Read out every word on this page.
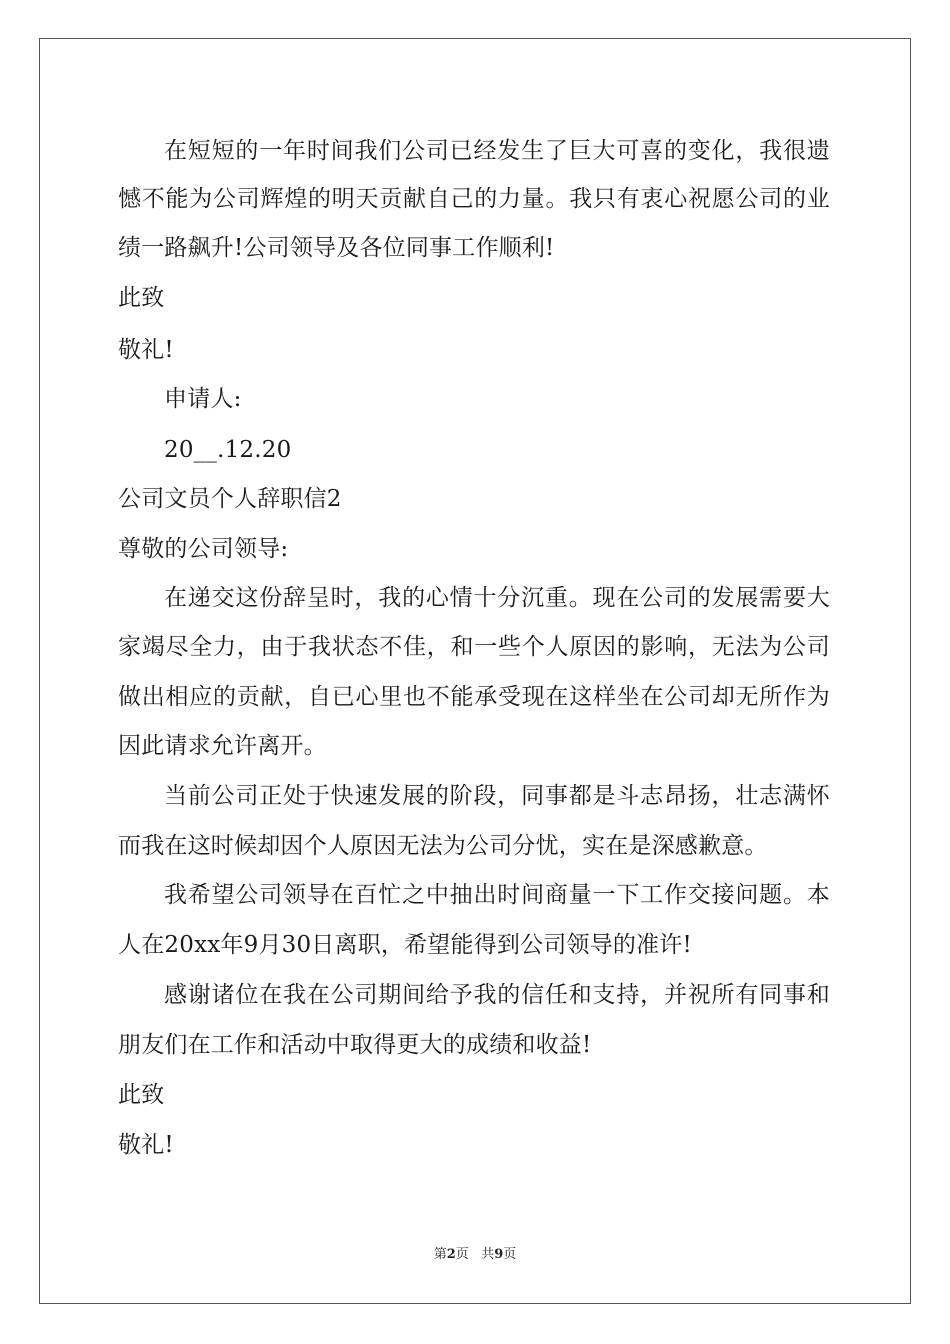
在短短的一年时间我们公司已经发生了巨大可喜的变化，我很遗
憾不能为公司辉煌的明天贡献自己的力量。我只有衷心祝愿公司的业
绩一路飙升!公司领导及各位同事工作顺利!
此致
敬礼!
申请人:
20__.12.20
公司文员个人辞职信2
尊敬的公司领导:
在递交这份辞呈时，我的心情十分沉重。现在公司的发展需要大
家竭尽全力，由于我状态不佳，和一些个人原因的影响，无法为公司
做出相应的贡献，自已心里也不能承受现在这样坐在公司却无所作为
因此请求允许离开。
当前公司正处于快速发展的阶段，同事都是斗志昂扬，壮志满怀
而我在这时候却因个人原因无法为公司分忧，实在是深感歉意。
我希望公司领导在百忙之中抽出时间商量一下工作交接问题。本
人在20xx年9月30日离职，希望能得到公司领导的准许!
感谢诸位在我在公司期间给予我的信任和支持，并祝所有同事和
朋友们在工作和活动中取得更大的成绩和收益!
此致
敬礼!
第2页 共9页
